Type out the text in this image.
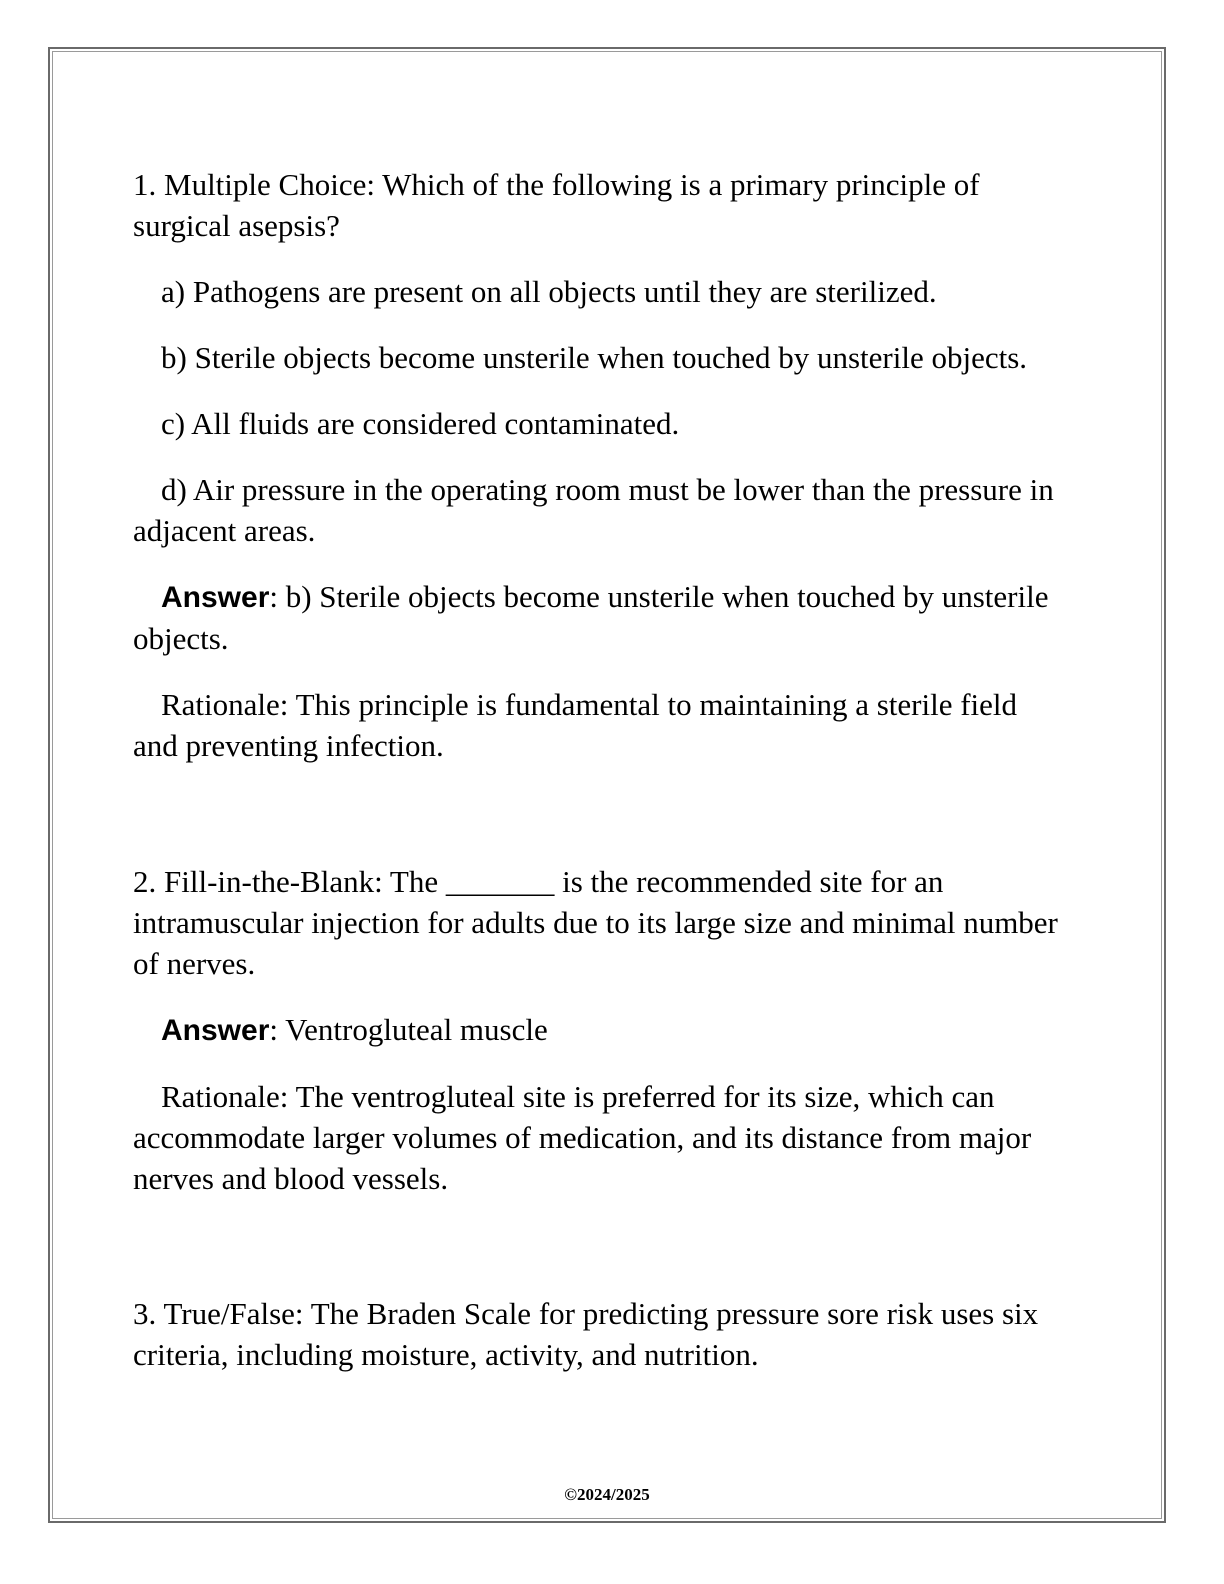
1. Multiple Choice: Which of the following is a primary principle of surgical asepsis?

a) Pathogens are present on all objects until they are sterilized.

b) Sterile objects become unsterile when touched by unsterile objects.

c) All fluids are considered contaminated.

d) Air pressure in the operating room must be lower than the pressure in adjacent areas.

Answer: b) Sterile objects become unsterile when touched by unsterile objects.

Rationale: This principle is fundamental to maintaining a sterile field and preventing infection.

2. Fill-in-the-Blank: The _______ is the recommended site for an intramuscular injection for adults due to its large size and minimal number of nerves.

Answer: Ventrogluteal muscle

Rationale: The ventrogluteal site is preferred for its size, which can accommodate larger volumes of medication, and its distance from major nerves and blood vessels.

3. True/False: The Braden Scale for predicting pressure sore risk uses six criteria, including moisture, activity, and nutrition.

©2024/2025
